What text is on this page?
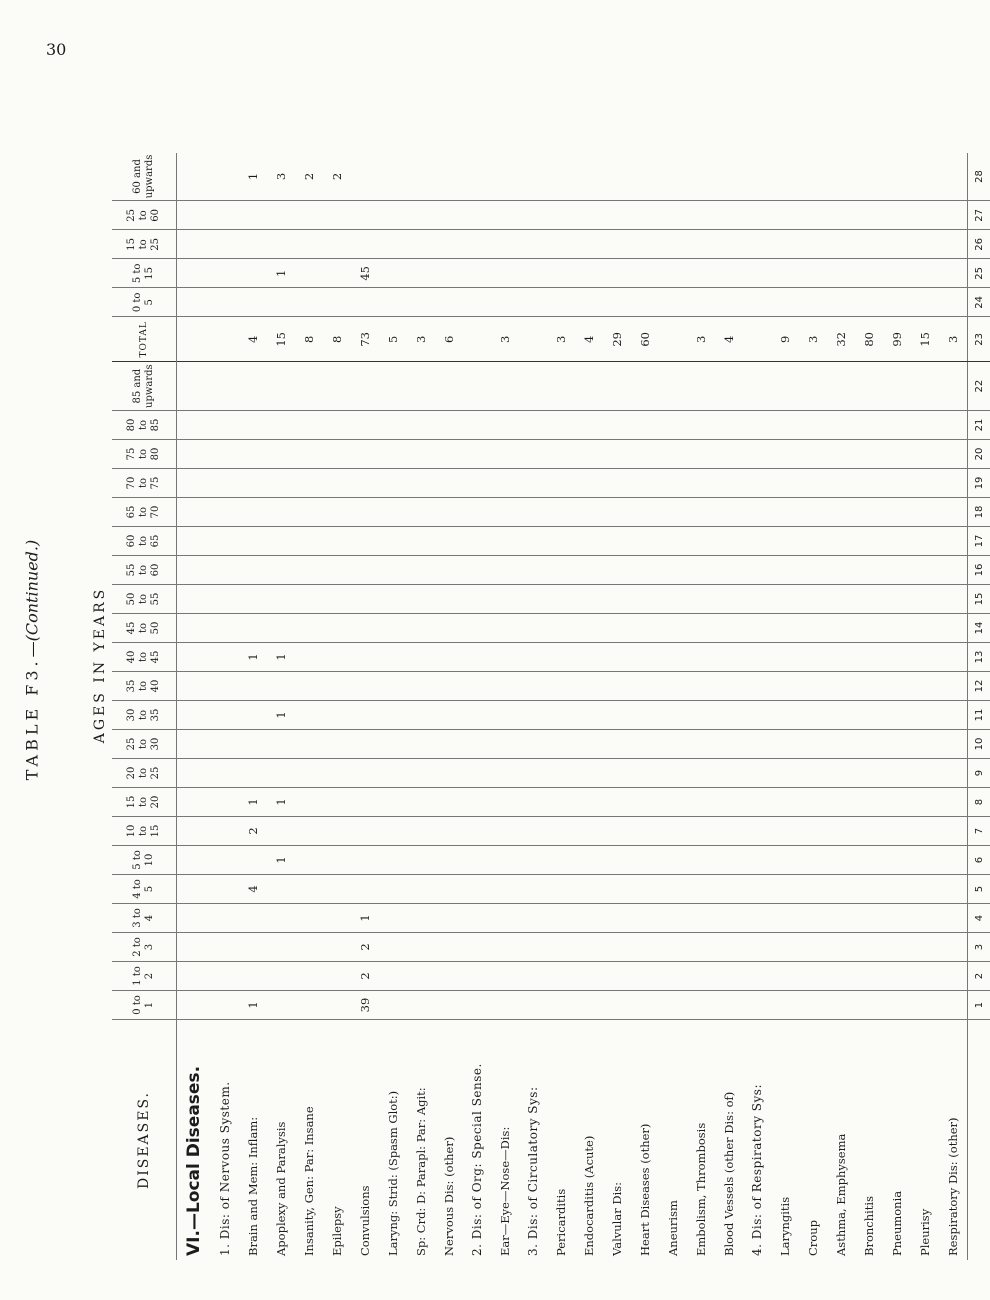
30
TABLE F3.—(Continued.)	AGES IN YEARS
DISEASES.	0 to 1	1 to 2	2 to 3	3 to 4	4 to 5	5 to 10	10 to 15	15 to 20	20 to 25	25 to 30	30 to 35	35 to 40	40 to 45	45 to 50	50 to 55	55 to 60	60 to 65	65 to 70	70 to 75	75 to 80	80 to 85	85 and upwards	TOTAL	0 to 5	5 to 15	15 to 25	25 to 60	60 and upwards
VI.—Local Diseases.																												
1. Dis: of Nervous System.																												
Brain and Mem: Inflam:	1				4		2	1					1										4					1
Apoplexy and Paralysis						1		1			1		1										15		1			3
Insanity, Gen: Par: Insane																							8					2
Epilepsy																							8					2
Convulsions	39	2	2	1																			73		45			
Laryng: Strid: (Spasm Glot:)																							5					
Sp: Crd: D: Parapl: Par: Agit:																							3					
Nervous Dis: (other)																							6					
2. Dis: of Org: Special Sense.																												
Ear—Eye—Nose—Dis:																							3					
3. Dis: of Circulatory Sys:																												
Pericarditis																							3					
Endocarditis (Acute)																							4					
Valvular Dis:																							29					
Heart Diseases (other)																							60					
Aneurism																												
Embolism, Thrombosis																							3					
Blood Vessels (other Dis: of)																							4					
4. Dis: of Respiratory Sys:																												
Laryngitis																							9					
Croup																							3					
Asthma, Emphysema																							32					
Bronchitis																							80					
Pneumonia																							99					
Pleurisy																							15					
Respiratory Dis: (other)																							3					
	1	2	3	4	5	6	7	8	9	10	11	12	13	14	15	16	17	18	19	20	21	22	23	24	25	26	27	28
